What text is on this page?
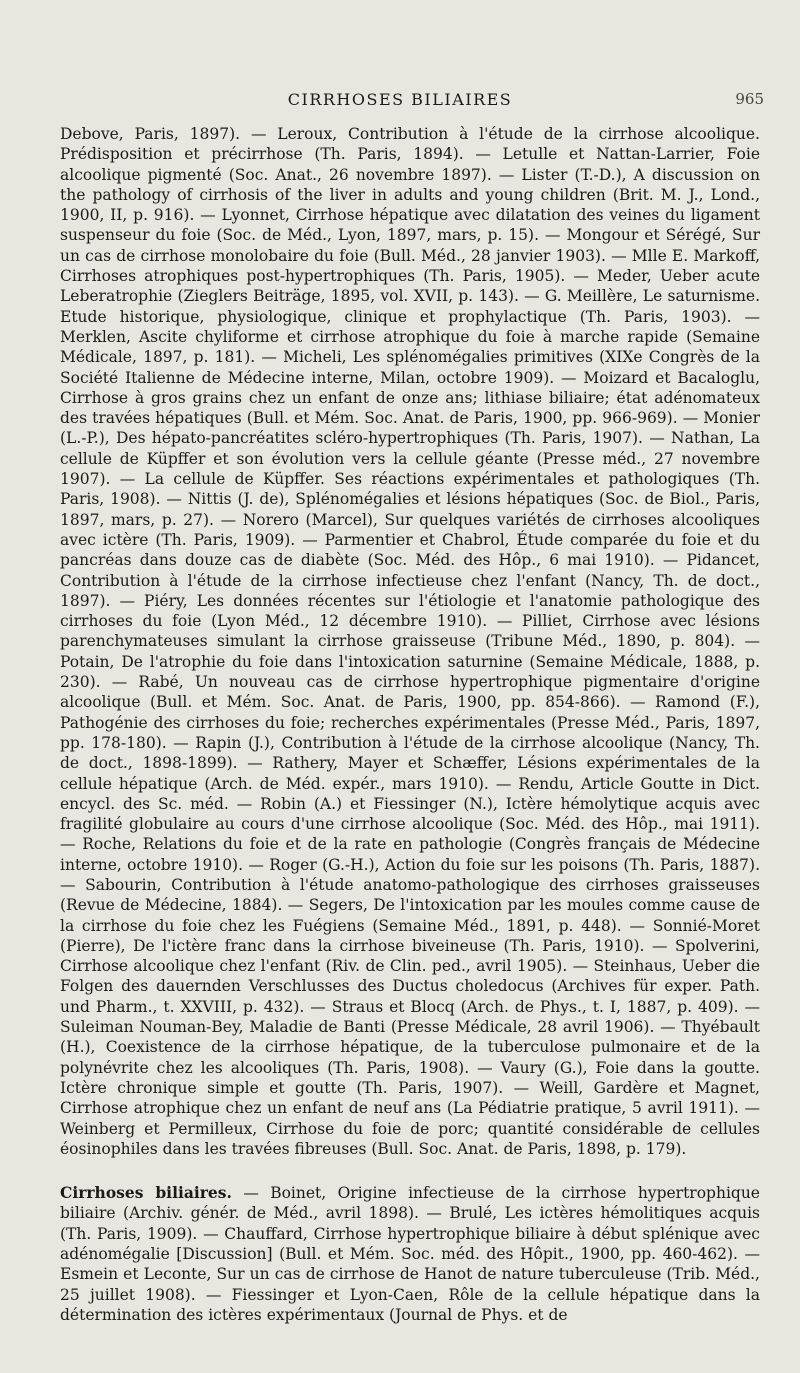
CIRRHOSES BILIAIRES	965

Debove, Paris, 1897). — Leroux, Contribution à l'étude de la cirrhose alcoolique. Prédisposition et précirrhose (Th. Paris, 1894). — Letulle et Nattan-Larrier, Foie alcoolique pigmenté (Soc. Anat., 26 novembre 1897). — Lister (T.-D.), A discussion on the pathology of cirrhosis of the liver in adults and young children (Brit. M. J., Lond., 1900, II, p. 916). — Lyonnet, Cirrhose hépatique avec dilatation des veines du ligament suspenseur du foie (Soc. de Méd., Lyon, 1897, mars, p. 15). — Mongour et Sérégé, Sur un cas de cirrhose monolobaire du foie (Bull. Méd., 28 janvier 1903). — Mlle E. Markoff, Cirrhoses atrophiques post-hypertrophiques (Th. Paris, 1905). — Meder, Ueber acute Leberatrophie (Zieglers Beiträge, 1895, vol. XVII, p. 143). — G. Meillère, Le saturnisme. Etude historique, physiologique, clinique et prophylactique (Th. Paris, 1903). — Merklen, Ascite chyliforme et cirrhose atrophique du foie à marche rapide (Semaine Médicale, 1897, p. 181). — Micheli, Les splénomégalies primitives (XIXe Congrès de la Société Italienne de Médecine interne, Milan, octobre 1909). — Moizard et Bacaloglu, Cirrhose à gros grains chez un enfant de onze ans; lithiase biliaire; état adénomateux des travées hépatiques (Bull. et Mém. Soc. Anat. de Paris, 1900, pp. 966-969). — Monier (L.-P.), Des hépato-pancréatites scléro-hypertrophiques (Th. Paris, 1907). — Nathan, La cellule de Küpffer et son évolution vers la cellule géante (Presse méd., 27 novembre 1907). — La cellule de Küpffer. Ses réactions expérimentales et pathologiques (Th. Paris, 1908). — Nittis (J. de), Splénomégalies et lésions hépatiques (Soc. de Biol., Paris, 1897, mars, p. 27). — Norero (Marcel), Sur quelques variétés de cirrhoses alcooliques avec ictère (Th. Paris, 1909). — Parmentier et Chabrol, Étude comparée du foie et du pancréas dans douze cas de diabète (Soc. Méd. des Hôp., 6 mai 1910). — Pidancet, Contribution à l'étude de la cirrhose infectieuse chez l'enfant (Nancy, Th. de doct., 1897). — Piéry, Les données récentes sur l'étiologie et l'anatomie pathologique des cirrhoses du foie (Lyon Méd., 12 décembre 1910). — Pilliet, Cirrhose avec lésions parenchymateuses simulant la cirrhose graisseuse (Tribune Méd., 1890, p. 804). — Potain, De l'atrophie du foie dans l'intoxication saturnine (Semaine Médicale, 1888, p. 230). — Rabé, Un nouveau cas de cirrhose hypertrophique pigmentaire d'origine alcoolique (Bull. et Mém. Soc. Anat. de Paris, 1900, pp. 854-866). — Ramond (F.), Pathogénie des cirrhoses du foie; recherches expérimentales (Presse Méd., Paris, 1897, pp. 178-180). — Rapin (J.), Contribution à l'étude de la cirrhose alcoolique (Nancy, Th. de doct., 1898-1899). — Rathery, Mayer et Schæffer, Lésions expérimentales de la cellule hépatique (Arch. de Méd. expér., mars 1910). — Rendu, Article Goutte in Dict. encycl. des Sc. méd. — Robin (A.) et Fiessinger (N.), Ictère hémolytique acquis avec fragilité globulaire au cours d'une cirrhose alcoolique (Soc. Méd. des Hôp., mai 1911). — Roche, Relations du foie et de la rate en pathologie (Congrès français de Médecine interne, octobre 1910). — Roger (G.-H.), Action du foie sur les poisons (Th. Paris, 1887). — Sabourin, Contribution à l'étude anatomo-pathologique des cirrhoses graisseuses (Revue de Médecine, 1884). — Segers, De l'intoxication par les moules comme cause de la cirrhose du foie chez les Fuégiens (Semaine Méd., 1891, p. 448). — Sonnié-Moret (Pierre), De l'ictère franc dans la cirrhose biveineuse (Th. Paris, 1910). — Spolverini, Cirrhose alcoolique chez l'enfant (Riv. de Clin. ped., avril 1905). — Steinhaus, Ueber die Folgen des dauernden Verschlusses des Ductus choledocus (Archives für exper. Path. und Pharm., t. XXVIII, p. 432). — Straus et Blocq (Arch. de Phys., t. I, 1887, p. 409). — Suleiman Nouman-Bey, Maladie de Banti (Presse Médicale, 28 avril 1906). — Thyébault (H.), Coexistence de la cirrhose hépatique, de la tuberculose pulmonaire et de la polynévrite chez les alcooliques (Th. Paris, 1908). — Vaury (G.), Foie dans la goutte. Ictère chronique simple et goutte (Th. Paris, 1907). — Weill, Gardère et Magnet, Cirrhose atrophique chez un enfant de neuf ans (La Pédiatrie pratique, 5 avril 1911). — Weinberg et Permilleux, Cirrhose du foie de porc; quantité considérable de cellules éosinophiles dans les travées fibreuses (Bull. Soc. Anat. de Paris, 1898, p. 179).

Cirrhoses biliaires. — Boinet, Origine infectieuse de la cirrhose hypertrophique biliaire (Archiv. génér. de Méd., avril 1898). — Brulé, Les ictères hémolitiques acquis (Th. Paris, 1909). — Chauffard, Cirrhose hypertrophique biliaire à début splénique avec adénomégalie [Discussion] (Bull. et Mém. Soc. méd. des Hôpit., 1900, pp. 460-462). — Esmein et Leconte, Sur un cas de cirrhose de Hanot de nature tuberculeuse (Trib. Méd., 25 juillet 1908). — Fiessinger et Lyon-Caen, Rôle de la cellule hépatique dans la détermination des ictères expérimentaux (Journal de Phys. et de
